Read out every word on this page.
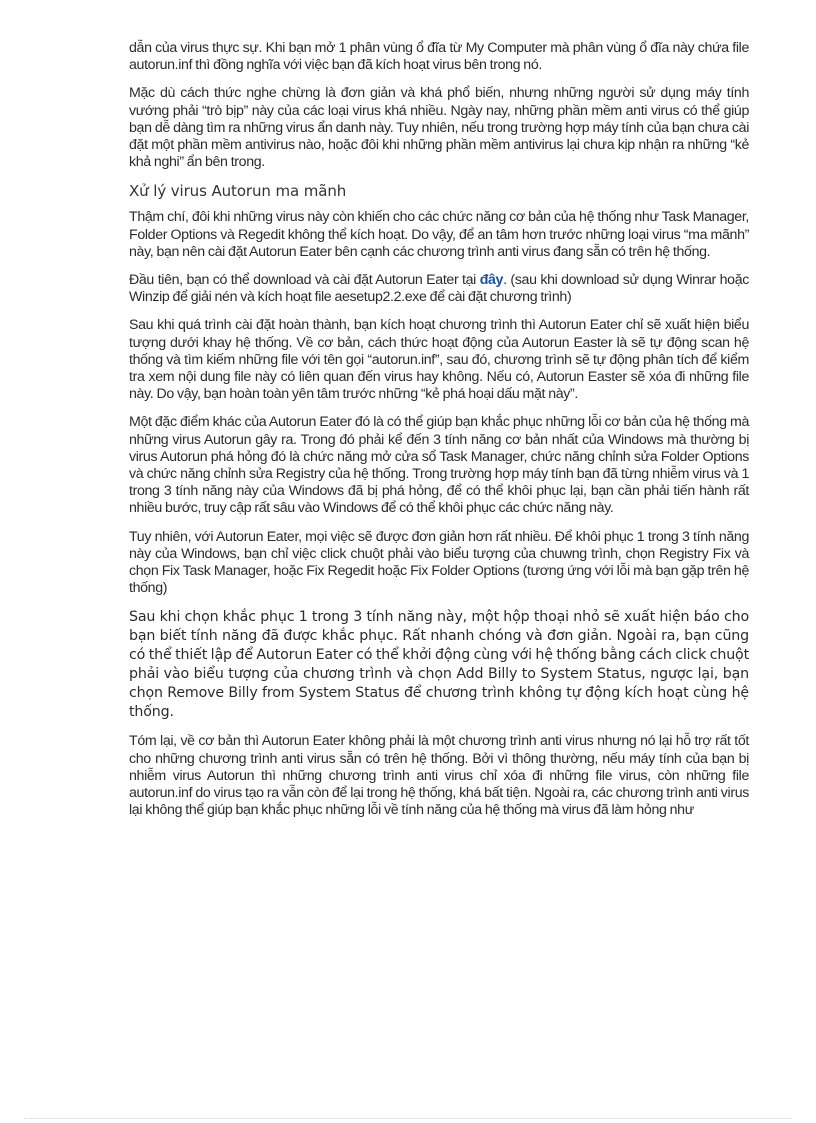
dẫn của virus thực sự. Khi bạn mở 1 phân vùng ổ đĩa từ My Computer mà phân vùng ổ đĩa này chứa file autorun.inf thì đồng nghĩa với việc bạn đã kích hoạt virus bên trong nó.

Mặc dù cách thức nghe chừng là đơn giản và khá phổ biến, nhưng những người sử dụng máy tính vướng phải “trò bịp” này của các loại virus khá nhiều. Ngày nay, những phần mềm anti virus có thể giúp bạn dễ dàng tìm ra những virus ẩn danh này. Tuy nhiên, nếu trong trường hợp máy tính của bạn chưa cài đặt một phần mềm antivirus nào, hoặc đôi khi những phần mềm antivirus lại chưa kịp nhận ra những “kẻ khả nghi” ẩn bên trong.

Xử lý virus Autorun ma mãnh

Thậm chí, đôi khi những virus này còn khiến cho các chức năng cơ bản của hệ thống như Task Manager, Folder Options và Regedit không thể kích hoạt. Do vậy, để an tâm hơn trước những loại virus “ma mãnh” này, bạn nên cài đặt Autorun Eater bên cạnh các chương trình anti virus đang sẵn có trên hệ thống.

Đầu tiên, bạn có thể download và cài đặt Autorun Eater tại đây. (sau khi download sử dụng Winrar hoặc Winzip để giải nén và kích hoạt file aesetup2.2.exe để cài đặt chương trình)

Sau khi quá trình cài đặt hoàn thành, bạn kích hoạt chương trình thì Autorun Eater chỉ sẽ xuất hiện biểu tượng dưới khay hệ thống. Về cơ bản, cách thức hoạt động của Autorun Easter là sẽ tự động scan hệ thống và tìm kiếm những file với tên gọi “autorun.inf”, sau đó, chương trình sẽ tự động phân tích để kiểm tra xem nội dung file này có liên quan đến virus hay không. Nếu có, Autorun Easter sẽ xóa đi những file này. Do vậy, bạn hoàn toàn yên tâm trước những “kẻ phá hoại dấu mặt này”.

Một đặc điểm khác của Autorun Eater đó là có thể giúp bạn khắc phục những lỗi cơ bản của hệ thống mà những virus Autorun gây ra. Trong đó phải kể đến 3 tính năng cơ bản nhất của Windows mà thường bị virus Autorun phá hỏng đó là chức năng mở cửa sổ Task Manager, chức năng chỉnh sửa Folder Options và chức năng chỉnh sửa Registry của hệ thống. Trong trường hợp máy tính bạn đã từng nhiễm virus và 1 trong 3 tính năng này của Windows đã bị phá hỏng, để có thể khôi phục lại, bạn cần phải tiến hành rất nhiều bước, truy cập rất sâu vào Windows để có thể khôi phục các chức năng này.

Tuy nhiên, với Autorun Eater, mọi việc sẽ được đơn giản hơn rất nhiều. Để khôi phục 1 trong 3 tính năng này của Windows, bạn chỉ việc click chuột phải vào biểu tượng của chuwng trình, chọn Registry Fix và chọn Fix Task Manager, hoặc Fix Regedit hoặc Fix Folder Options (tương ứng với lỗi mà bạn gặp trên hệ thống)

Sau khi chọn khắc phục 1 trong 3 tính năng này, một hộp thoại nhỏ sẽ xuất hiện báo cho bạn biết tính năng đã được khắc phục. Rất nhanh chóng và đơn giản. Ngoài ra, bạn cũng có thể thiết lập để Autorun Eater có thể khởi động cùng với hệ thống bằng cách click chuột phải vào biểu tượng của chương trình và chọn Add Billy to System Status, ngược lại, bạn chọn Remove Billy from System Status để chương trình không tự động kích hoạt cùng hệ thống.

Tóm lại, về cơ bản thì Autorun Eater không phải là một chương trình anti virus nhưng nó lại hỗ trợ rất tốt cho những chương trình anti virus sẵn có trên hệ thống. Bởi vì thông thường, nếu máy tính của bạn bị nhiễm virus Autorun thì những chương trình anti virus chỉ xóa đi những file virus, còn những file autorun.inf do virus tạo ra vẫn còn để lại trong hệ thống, khá bất tiện. Ngoài ra, các chương trình anti virus lại không thể giúp bạn khắc phục những lỗi về tính năng của hệ thống mà virus đã làm hỏng như
